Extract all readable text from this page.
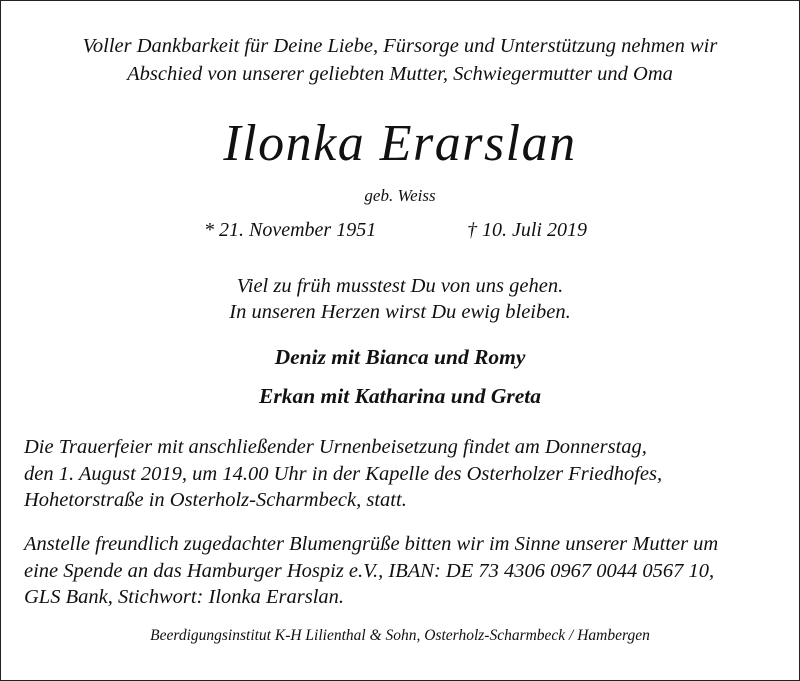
Voller Dankbarkeit für Deine Liebe, Fürsorge und Unterstützung nehmen wir
Abschied von unserer geliebten Mutter, Schwiegermutter und Oma
Ilonka Erarslan
geb. Weiss
* 21. November 1951	† 10. Juli 2019
Viel zu früh musstest Du von uns gehen.
In unseren Herzen wirst Du ewig bleiben.
Deniz mit Bianca und Romy
Erkan mit Katharina und Greta
Die Trauerfeier mit anschließender Urnenbeisetzung findet am Donnerstag,
den 1. August 2019, um 14.00 Uhr in der Kapelle des Osterholzer Friedhofes,
Hohetorstraße in Osterholz-Scharmbeck, statt.
Anstelle freundlich zugedachter Blumengrüße bitten wir im Sinne unserer Mutter um
eine Spende an das Hamburger Hospiz e.V., IBAN: DE 73 4306 0967 0044 0567 10,
GLS Bank, Stichwort: Ilonka Erarslan.
Beerdigungsinstitut K-H Lilienthal & Sohn, Osterholz-Scharmbeck / Hambergen
